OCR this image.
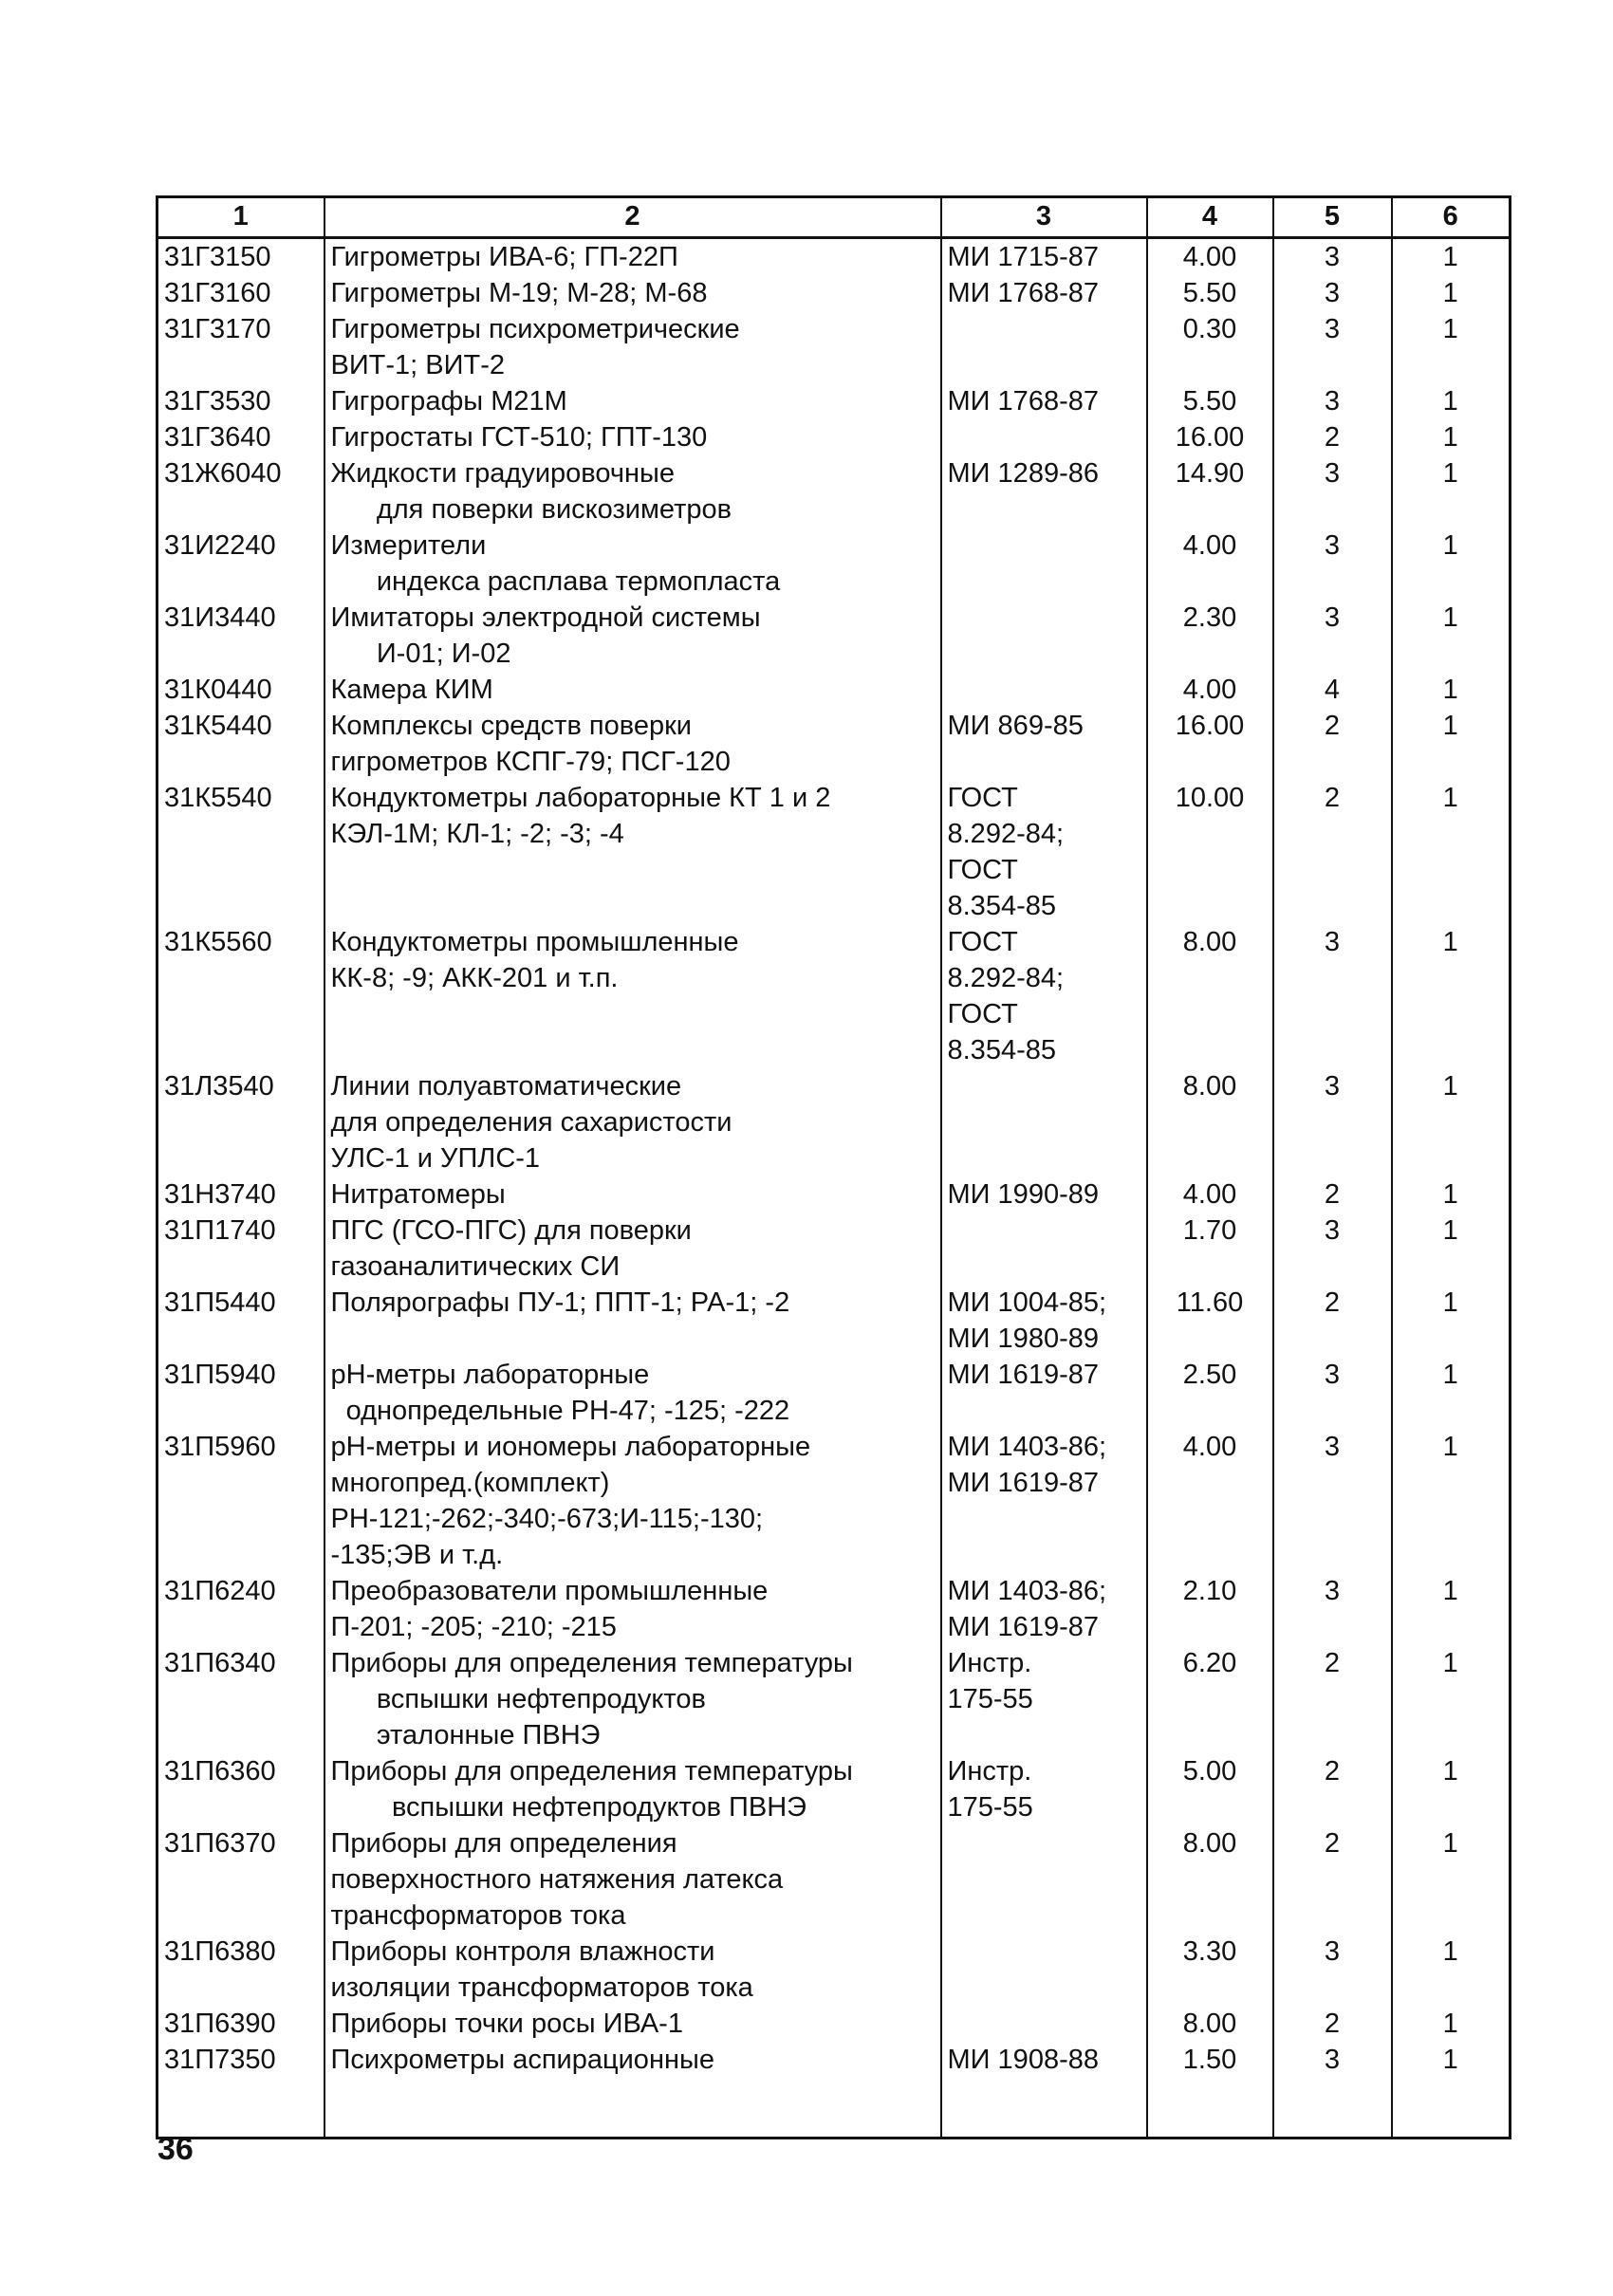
1	2	3	4	5	6
31Г3150	Гигрометры ИВА-6; ГП-22П	МИ 1715-87	4.00	3	1
31Г3160	Гигрометры М-19; М-28; М-68	МИ 1768-87	5.50	3	1
31Г3170	Гигрометры психрометрические
ВИТ-1; ВИТ-2		0.30	3	1
31Г3530	Гигрографы М21М	МИ 1768-87	5.50	3	1
31Г3640	Гигростаты ГСТ-510; ГПТ-130		16.00	2	1
31Ж6040	Жидкости градуировочные
для поверки вискозиметров	МИ 1289-86	14.90	3	1
31И2240	Измерители
индекса расплава термопласта		4.00	3	1
31И3440	Имитаторы электродной системы
И-01; И-02		2.30	3	1
31К0440	Камера КИМ		4.00	4	1
31К5440	Комплексы средств поверки
гигрометров КСПГ-79; ПСГ-120	МИ 869-85	16.00	2	1
31К5540	Кондуктометры лабораторные КТ 1 и 2
КЭЛ-1М; КЛ-1; -2; -3; -4	ГОСТ
8.292-84;
ГОСТ
8.354-85	10.00	2	1
31К5560	Кондуктометры промышленные
КК-8; -9; АКК-201 и т.п.	ГОСТ
8.292-84;
ГОСТ
8.354-85	8.00	3	1
31Л3540	Линии полуавтоматические
для определения сахаристости
УЛС-1 и УПЛС-1		8.00	3	1
31Н3740	Нитратомеры	МИ 1990-89	4.00	2	1
31П1740	ПГС (ГСО-ПГС) для поверки
газоаналитических СИ		1.70	3	1
31П5440	Полярографы ПУ-1; ППТ-1; РА-1; -2	МИ 1004-85;
МИ 1980-89	11.60	2	1
31П5940	рН-метры лабораторные
однопредельные РН-47; -125; -222	МИ 1619-87	2.50	3	1
31П5960	рН-метры и иономеры лабораторные
многопред.(комплект)
РН-121;-262;-340;-673;И-115;-130;
-135;ЭВ и т.д.	МИ 1403-86;
МИ 1619-87	4.00	3	1
31П6240	Преобразователи промышленные
П-201; -205; -210; -215	МИ 1403-86;
МИ 1619-87	2.10	3	1
31П6340	Приборы для определения температуры
вспышки нефтепродуктов
эталонные ПВНЭ	Инстр.
175-55	6.20	2	1
31П6360	Приборы для определения температуры
вспышки нефтепродуктов ПВНЭ	Инстр.
175-55	5.00	2	1
31П6370	Приборы для определения
поверхностного натяжения латекса
трансформаторов тока		8.00	2	1
31П6380	Приборы контроля влажности
изоляции трансформаторов тока		3.30	3	1
31П6390	Приборы точки росы ИВА-1		8.00	2	1
31П7350	Психрометры аспирационные	МИ 1908-88	1.50	3	1

36
